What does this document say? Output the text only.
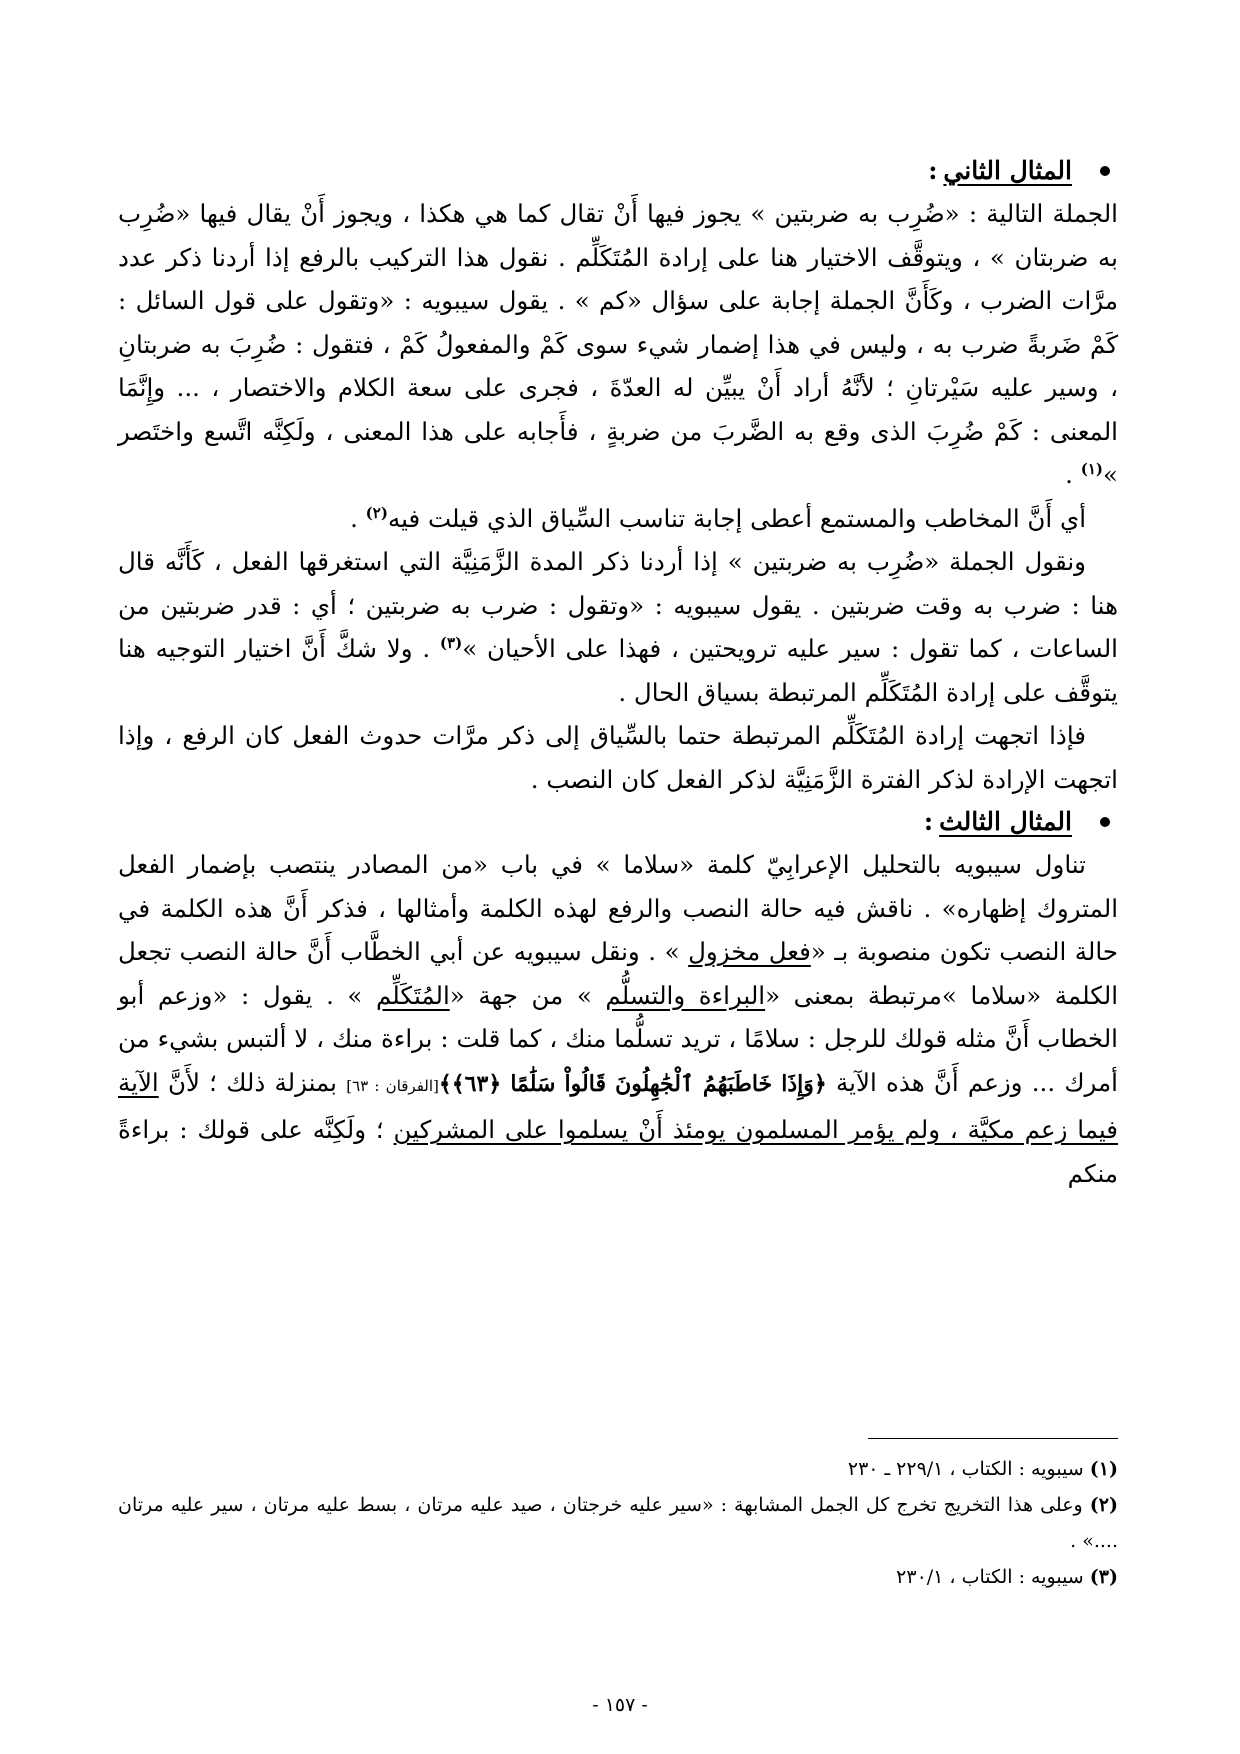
المثال الثاني
:

الجملة التالية : «ضُرِب به ضربتين » يجوز فيها أَنْ تقال كما هي هكذا ، ويجوز أَنْ يقال فيها «ضُرِب به ضربتان » ، ويتوقَّف الاختيار هنا على إرادة المُتَكَلِّم . نقول هذا التركيب بالرفع إذا أردنا ذكر عدد مرَّات الضرب ، وكَأَنَّ الجملة إجابة على سؤال «كم » . يقول سيبويه : «وتقول على قول السائل : كَمْ ضَربةً ضرب به ، وليس في هذا إضمار شيء سوى كَمْ والمفعولُ كَمْ ، فتقول : ضُرِبَ به ضربتانِ ، وسير عليه سَيْرتانِ ؛ لأنَّهُ أراد أَنْ يبيِّن له العدّةَ ، فجرى على سعة الكلام والاختصار ، ... وإِنَّمَا المعنى : كَمْ ضُرِبَ الذى وقع به الضَّربَ من ضربةٍ ، فأَجابه على هذا المعنى ، ولَكِنَّه اتَّسع واختَصر »$^{(١)}$ .

أي أَنَّ المخاطب والمستمع أعطى إجابة تناسب السِّياق الذي قيلت فيه$^{(٢)}$ .

ونقول الجملة «ضُرِب به ضربتين » إذا أردنا ذكر المدة الزَّمَنِيَّة التي استغرقها الفعل ، كَأَنَّه قال هنا : ضرب به وقت ضربتين . يقول سيبويه : «وتقول : ضرب به ضربتين ؛ أي : قدر ضربتين من الساعات ، كما تقول : سير عليه ترويحتين ، فهذا على الأحيان »$^{(٣)}$ . ولا شكَّ أَنَّ اختيار التوجيه هنا يتوقَّف على إرادة المُتَكَلِّم المرتبطة بسياق الحال .

فإذا اتجهت إرادة المُتَكَلِّم المرتبطة حتما بالسِّياق إلى ذكر مرَّات حدوث الفعل كان الرفع ، وإذا اتجهت الإرادة لذكر الفترة الزَّمَنِيَّة لذكر الفعل كان النصب .

المثال الثالث
:

تناول سيبويه بالتحليل الإعرابِيّ كلمة «سلاما » في باب «من المصادر ينتصب بإضمار الفعل المتروك إظهاره» . ناقش فيه حالة النصب والرفع لهذه الكلمة وأمثالها ، فذكر أَنَّ هذه الكلمة في حالة النصب تكون منصوبة بـ «فعل مخزول » . ونقل سيبويه عن أبي الخطَّاب أَنَّ حالة النصب تجعل الكلمة «سلاما »مرتبطة بمعنى «البراءة والتسلُّم » من جهة «المُتَكَلِّم » . يقول : «وزعم أبو الخطاب أَنَّ مثله قولك للرجل : سلامًا ، تريد تسلُّما منك ، كما قلت : براءة منك ، لا ألتبس بشيء من أمرك ... وزعم أَنَّ هذه الآية ﴿وَإِذَا خَاطَبَهُمُ ٱلْجَٰهِلُونَ قَالُواْ سَلَٰمًا ﴿٦٣﴾﴾[الفرقان : ٦٣] بمنزلة ذلك ؛ لأَنَّ الآية فيما زعم مكيَّة ، ولم يؤمر المسلمون يومئذ أَنْ يسلموا على المشركين ؛ ولَكِنَّه على قولك : براءةً منكم

(١) سيبويه : الكتاب ، ٢٢٩/١ ـ ٢٣٠

(٢) وعلى هذا التخريج تخرج كل الجمل المشابهة : «سير عليه خرجتان ، صيد عليه مرتان ، بسط عليه مرتان ، سير عليه مرتان ....» .

(٣) سيبويه : الكتاب ، ٢٣٠/١

- ١٥٧ -
